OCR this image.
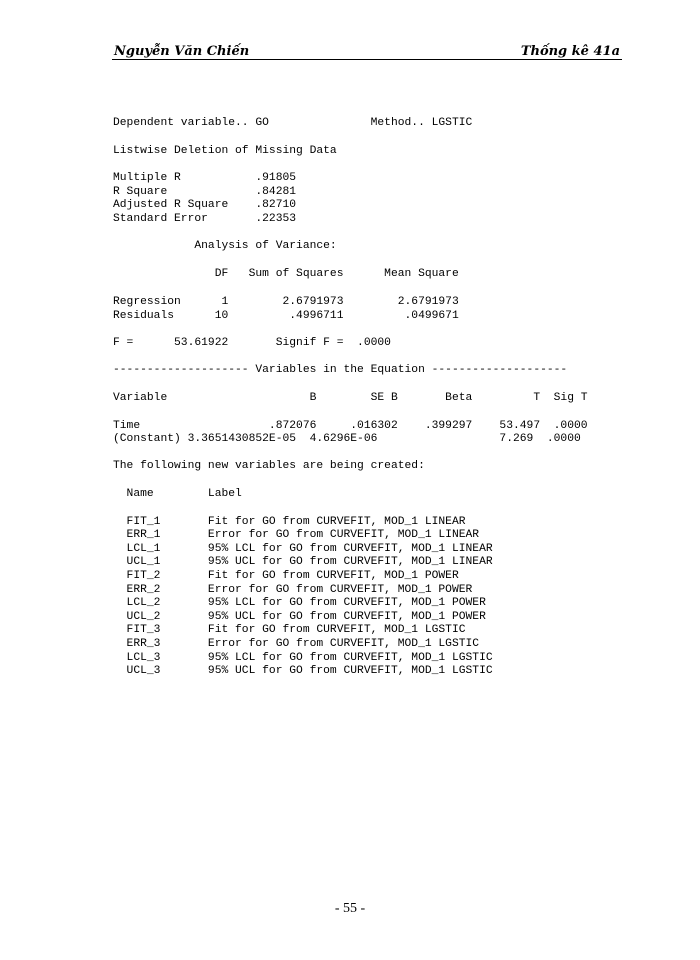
Nguyễn Văn Chiến	Thống kê 41a
Dependent variable.. GO               Method.. LGSTIC
Listwise Deletion of Missing Data
Multiple R           .91805
R Square             .84281
Adjusted R Square    .82710
Standard Error       .22353
Analysis of Variance:
DF   Sum of Squares      Mean Square
Regression      1        2.6791973        2.6791973
Residuals      10         .4996711         .0499671
F =      53.61922       Signif F =  .0000
-------------------- Variables in the Equation --------------------
Variable                     B        SE B       Beta         T  Sig T
Time                   .872076     .016302    .399297    53.497  .0000
(Constant) 3.3651430852E-05  4.6296E-06                  7.269  .0000
The following new variables are being created:
Name        Label
FIT_1       Fit for GO from CURVEFIT, MOD_1 LINEAR
ERR_1       Error for GO from CURVEFIT, MOD_1 LINEAR
LCL_1       95% LCL for GO from CURVEFIT, MOD_1 LINEAR
UCL_1       95% UCL for GO from CURVEFIT, MOD_1 LINEAR
FIT_2       Fit for GO from CURVEFIT, MOD_1 POWER
ERR_2       Error for GO from CURVEFIT, MOD_1 POWER
LCL_2       95% LCL for GO from CURVEFIT, MOD_1 POWER
UCL_2       95% UCL for GO from CURVEFIT, MOD_1 POWER
FIT_3       Fit for GO from CURVEFIT, MOD_1 LGSTIC
ERR_3       Error for GO from CURVEFIT, MOD_1 LGSTIC
LCL_3       95% LCL for GO from CURVEFIT, MOD_1 LGSTIC
UCL_3       95% UCL for GO from CURVEFIT, MOD_1 LGSTIC
- 55 -
